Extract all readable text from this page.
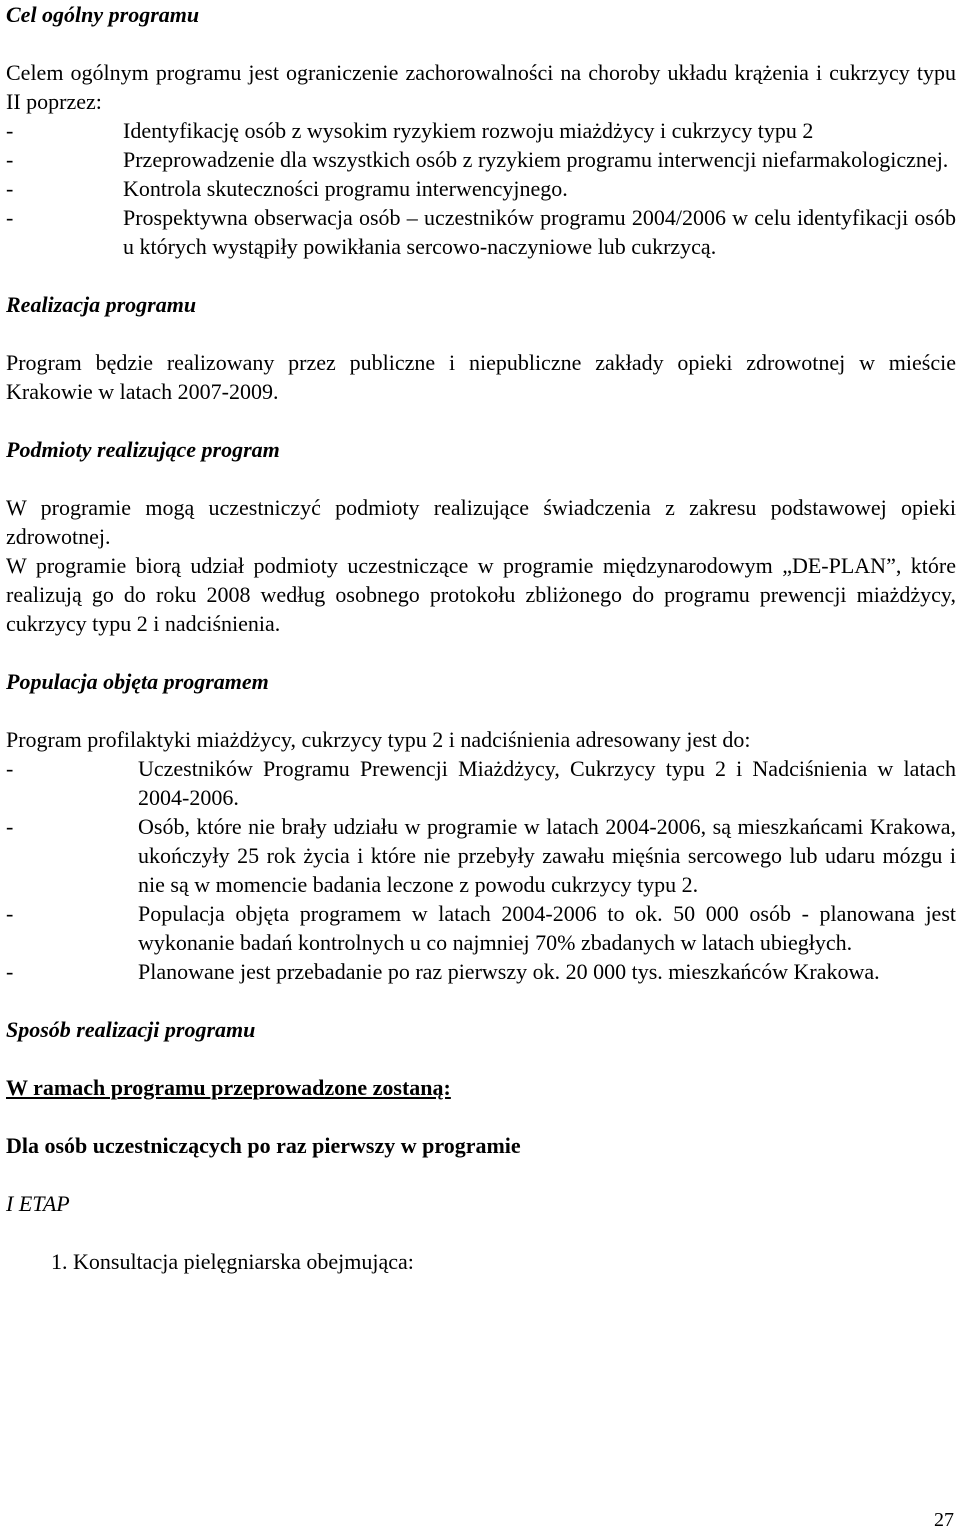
Cel ogólny programu

Celem ogólnym programu jest ograniczenie zachorowalności na choroby układu krążenia i cukrzycy typu II poprzez:

-	Identyfikację osób z wysokim ryzykiem rozwoju miażdżycy i cukrzycy typu 2
-	Przeprowadzenie dla wszystkich osób z ryzykiem programu interwencji niefarmakologicznej.
-	Kontrola skuteczności programu interwencyjnego.
-	Prospektywna obserwacja osób – uczestników programu 2004/2006 w celu identyfikacji osób u których wystąpiły powikłania sercowo-naczyniowe lub cukrzycą.

Realizacja programu

Program będzie realizowany przez publiczne i niepubliczne zakłady opieki zdrowotnej w mieście Krakowie w latach 2007-2009.

Podmioty realizujące program

W programie mogą uczestniczyć podmioty realizujące świadczenia z zakresu podstawowej opieki zdrowotnej.

W programie biorą udział podmioty uczestniczące w programie międzynarodowym „DE-PLAN”, które realizują go do roku 2008 według osobnego protokołu zbliżonego do programu prewencji miażdżycy, cukrzycy typu 2 i nadciśnienia.

Populacja objęta programem

Program profilaktyki miażdżycy, cukrzycy typu 2 i nadciśnienia adresowany jest do:

-	Uczestników Programu Prewencji Miażdżycy, Cukrzycy typu 2 i Nadciśnienia w latach 2004-2006.
-	Osób, które nie brały udziału w programie w latach 2004-2006, są mieszkańcami Krakowa, ukończyły 25 rok życia i które nie przebyły zawału mięśnia sercowego lub udaru mózgu i nie są w momencie badania leczone z powodu cukrzycy typu 2.
-	Populacja objęta programem w latach 2004-2006 to ok. 50 000 osób - planowana jest wykonanie badań kontrolnych u co najmniej 70% zbadanych w latach ubiegłych.
-	Planowane jest przebadanie po raz pierwszy ok. 20 000 tys. mieszkańców Krakowa.

Sposób realizacji programu

W ramach programu przeprowadzone zostaną:

Dla osób uczestniczących po raz pierwszy w programie

I ETAP

1. Konsultacja pielęgniarska obejmująca:

27
